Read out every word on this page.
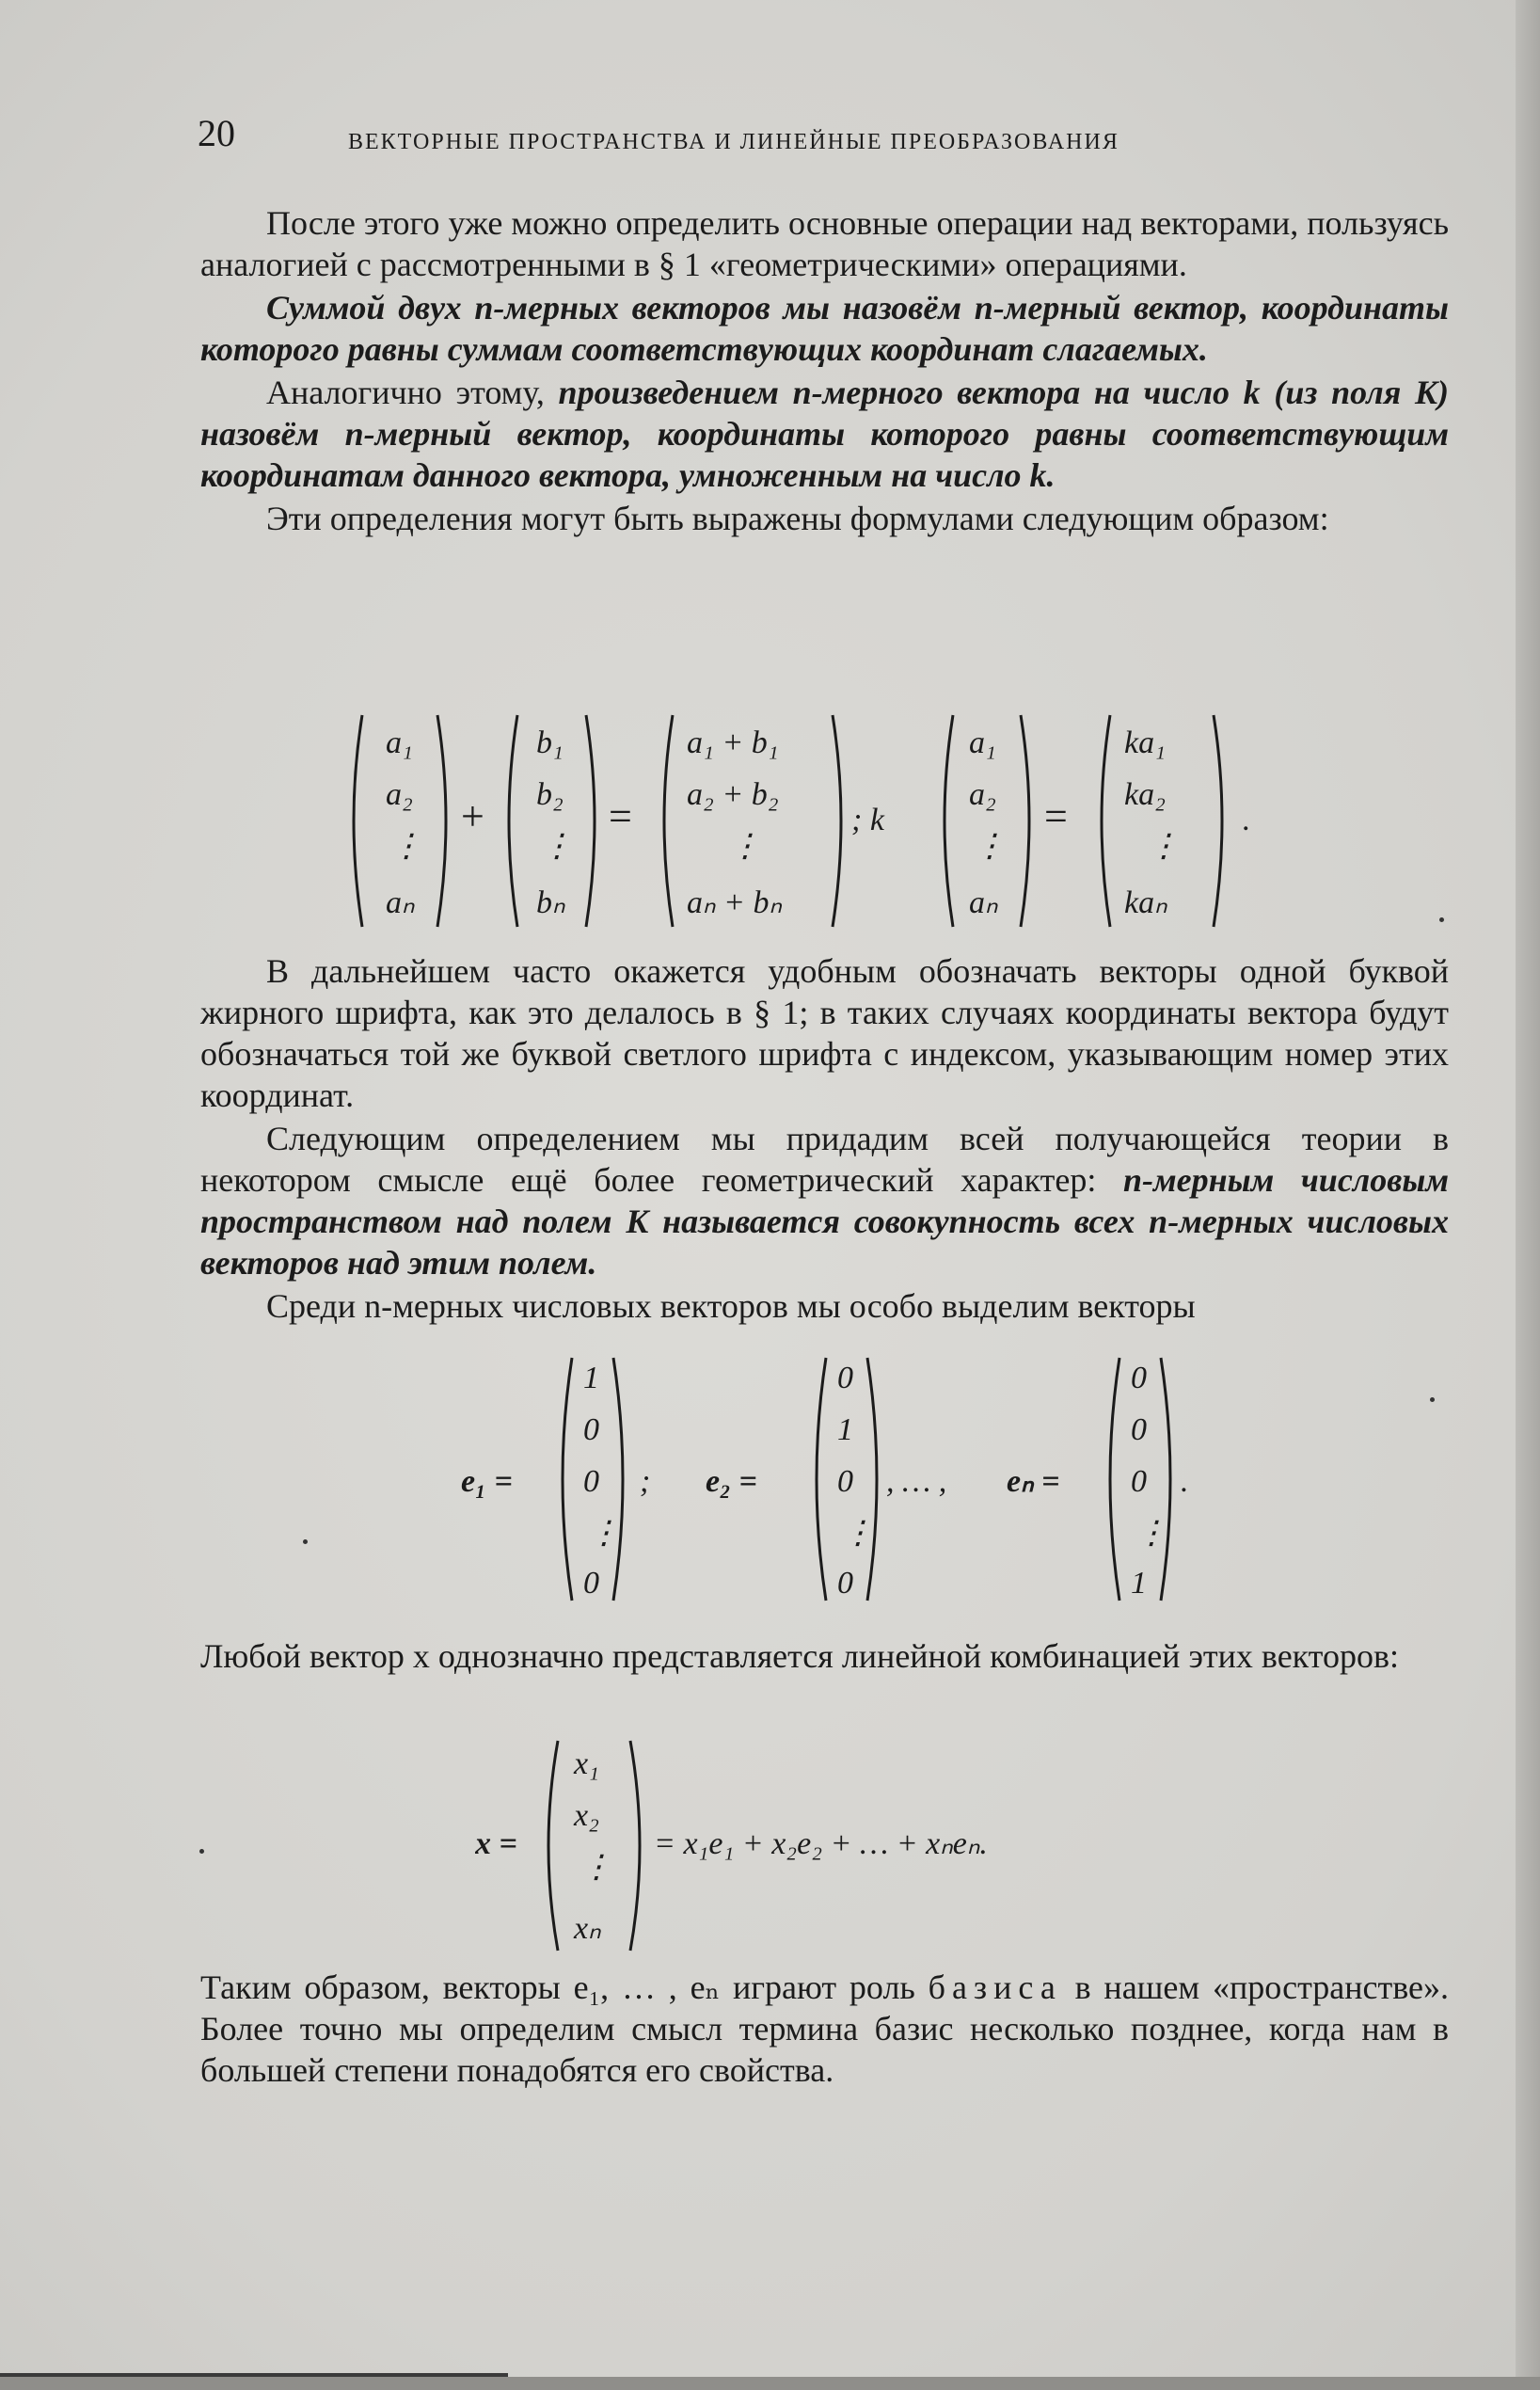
20	ВЕКТОРНЫЕ ПРОСТРАНСТВА И ЛИНЕЙНЫЕ ПРЕОБРАЗОВАНИЯ

После этого уже можно определить основные операции над векторами, пользуясь аналогией с рассмотренными в § 1 «геометрическими» операциями.

Суммой двух n-мерных векторов мы назовём n-мерный вектор, координаты которого равны суммам соответствующих координат слагаемых.

Аналогично этому, произведением n-мерного вектора на число k (из поля K) назовём n-мерный вектор, координаты которого равны соответствующим координатам данного вектора, умноженным на число k.

Эти определения могут быть выражены формулами следующим образом:

a₁
a₂
⋮
aₙ
+
b₁
b₂
⋮
bₙ
=
a₁ + b₁
a₂ + b₂
⋮
aₙ + bₙ
; k
a₁
a₂
⋮
aₙ
=
ka₁
ka₂
⋮
kaₙ
.

В дальнейшем часто окажется удобным обозначать векторы одной буквой жирного шрифта, как это делалось в § 1; в таких случаях координаты вектора будут обозначаться той же буквой светлого шрифта с индексом, указывающим номер этих координат.

Следующим определением мы придадим всей получающейся теории в некотором смысле ещё более геометрический характер: n-мерным числовым пространством над полем K называется совокупность всех n-мерных числовых векторов над этим полем.

Среди n-мерных числовых векторов мы особо выделим векторы

e₁ =
1
0
0
⋮
0
; e₂ =
0
1
0
⋮
0
, … , eₙ =
0
0
0
⋮
1
.

Любой вектор x однозначно представляется линейной комбинацией этих векторов:

x =
x₁
x₂
⋮
xₙ
= x₁e₁ + x₂e₂ + … + xₙeₙ.

Таким образом, векторы e₁, … , eₙ играют роль базиса в нашем «пространстве». Более точно мы определим смысл термина базис несколько позднее, когда нам в большей степени понадобятся его свойства.
